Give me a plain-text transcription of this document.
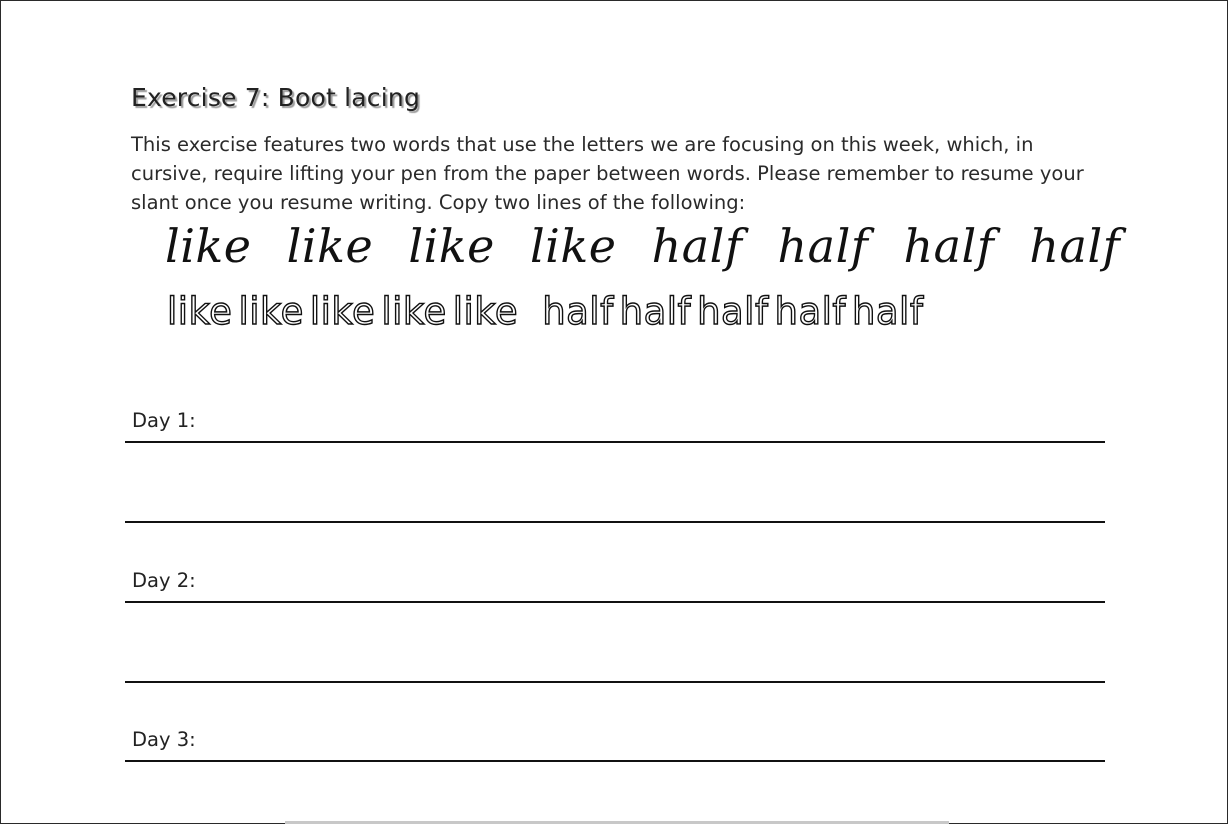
Exercise 7: Boot lacing

This exercise features two words that use the letters we are focusing on this week, which, in cursive, require lifting your pen from the paper between words. Please remember to resume your slant once you resume writing. Copy two lines of the following:

like like like like half half half half
like like like like like half half half half half
Day 1:
Day 2:
Day 3:
